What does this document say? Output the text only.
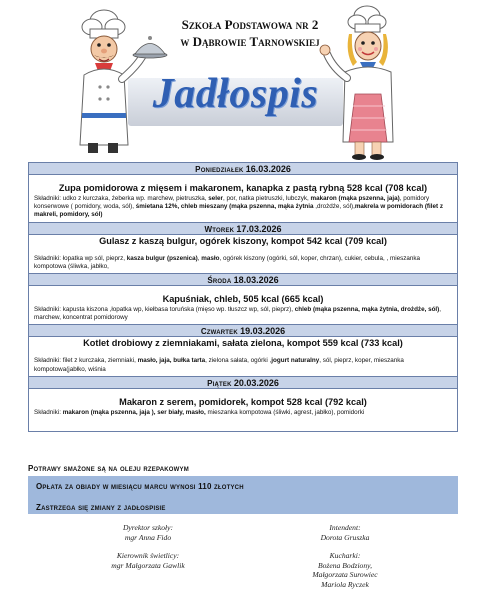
Szkoła Podstawowa nr 2
w Dąbrowie Tarnowskiej
Jadłospis
Poniedziałek 16.03.2026
Zupa pomidorowa z mięsem i makaronem, kanapka z pastą rybną 528 kcal (708 kcal)
Składniki: udko z kurczaka, żeberka wp. marchew, pietruszka, seler, por, natka pietruszki, lubczyk, makaron (mąka pszenna, jaja), pomidory konserwowe ( pomidory, woda, sól), śmietana 12%, chleb mieszany (mąka pszenna, mąka żytnia ,drożdże, sól),makrela w pomidorach (filet z makreli, pomidory, sól)
Wtorek 17.03.2026
Gulasz z kaszą bulgur, ogórek kiszony, kompot 542 kcal (709 kcal)
Składniki: łopatka wp sól, pieprz, kasza bulgur (pszenica), masło, ogórek kiszony (ogórki, sól, koper, chrzan), cukier, cebula, , mieszanka kompotowa (śliwka, jabłko,
Środa 18.03.2026
Kapuśniak, chleb, 505 kcal (665 kcal)
Składniki: kapusta kiszona ,łopatka wp, kiełbasa toruńska (mięso wp. tłuszcz wp, sól, pieprz), chleb (mąka pszenna, mąka żytnia, drożdże, sól), marchew, koncentrat pomidorowy
Czwartek 19.03.2026
Kotlet drobiowy z ziemniakami, sałata zielona, kompot 559 kcal (733 kcal)
Składniki: filet z kurczaka, ziemniaki, masło, jaja, bułka tarta, zielona sałata, ogórki ,jogurt naturalny, sól, pieprz, koper, mieszanka kompotowa(jabłko, wiśnia
Piątek 20.03.2026
Makaron z serem, pomidorek, kompot 528 kcal (792 kcal)
Składniki: makaron (mąka pszenna, jaja ), ser biały, masło, mieszanka kompotowa (śliwki, agrest, jabłko), pomidorki
Potrawy smażone są na oleju rzepakowym
Opłata za obiady w miesiącu marcu wynosi 110 złotych
Zastrzega się zmiany z jadłospisie
Dyrektor szkoły:
mgr Anna Fido
Intendent:
Dorota Gruszka
Kierownik świetlicy:
mgr Małgorzata Gawlik
Kucharki:
Bożena Bodziony,
Małgorzata Surowiec
Mariola Ryczek
